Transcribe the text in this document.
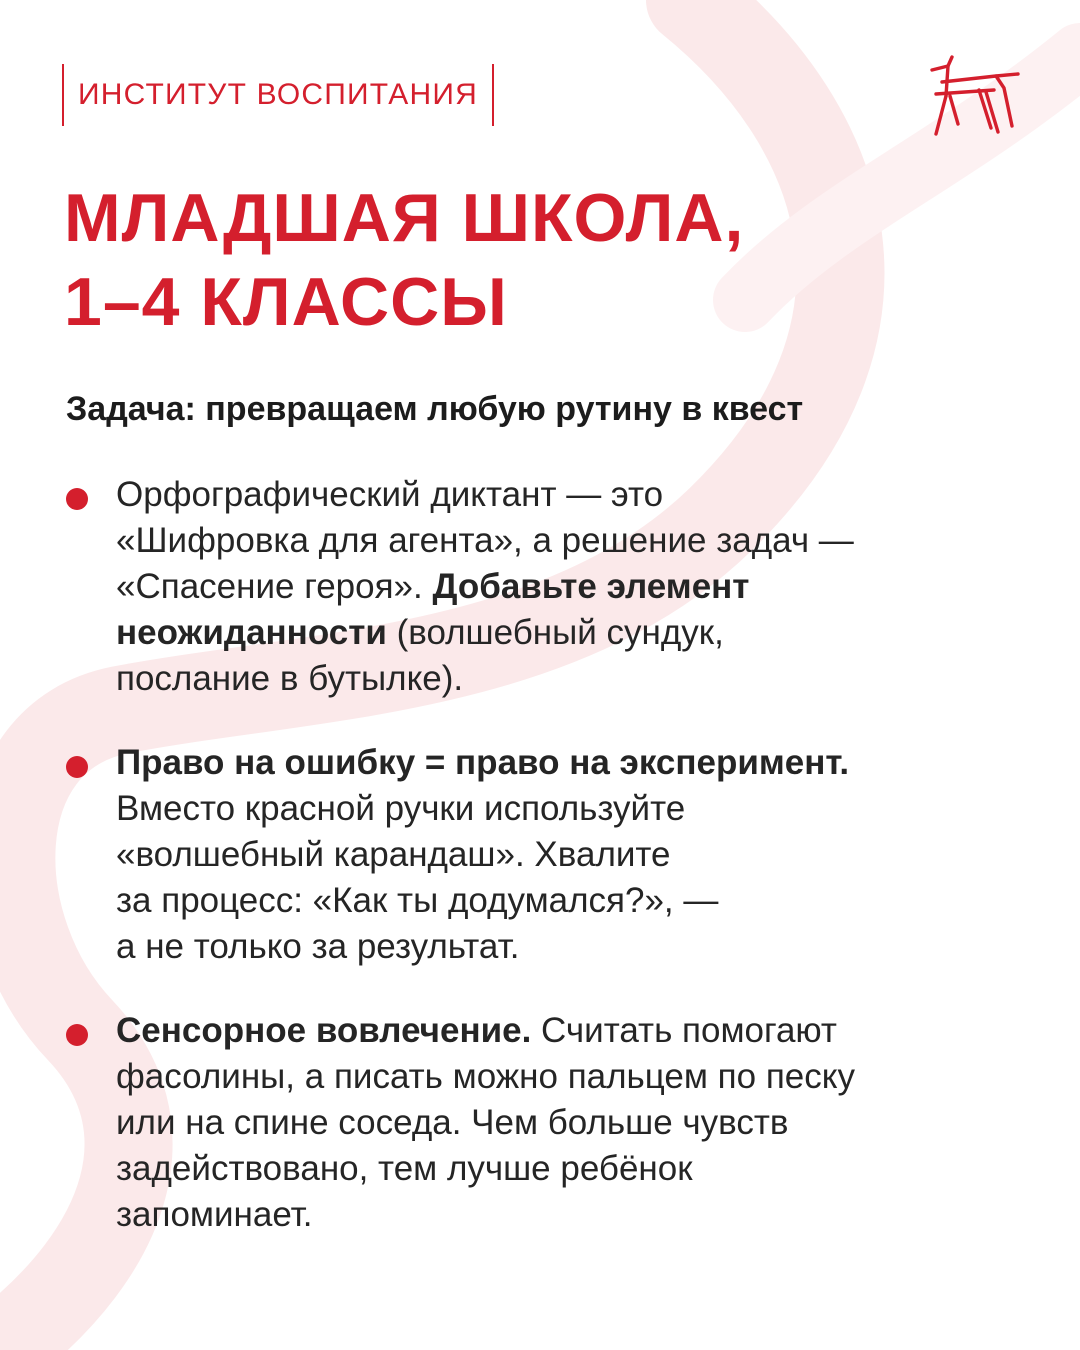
ИНСТИТУТ ВОСПИТАНИЯ
МЛАДШАЯ ШКОЛА,
1–4 КЛАССЫ

Задача: превращаем любую рутину в квест

Орфографический диктант — это
«Шифровка для агента», а решение задач —
«Спасение героя». Добавьте элемент
неожиданности (волшебный сундук,
послание в бутылке).
Право на ошибку = право на эксперимент.
Вместо красной ручки используйте
«волшебный карандаш». Хвалите
за процесс: «Как ты додумался?», —
а не только за результат.
Сенсорное вовлечение. Считать помогают
фасолины, а писать можно пальцем по песку
или на спине соседа. Чем больше чувств
задействовано, тем лучше ребёнок
запоминает.
